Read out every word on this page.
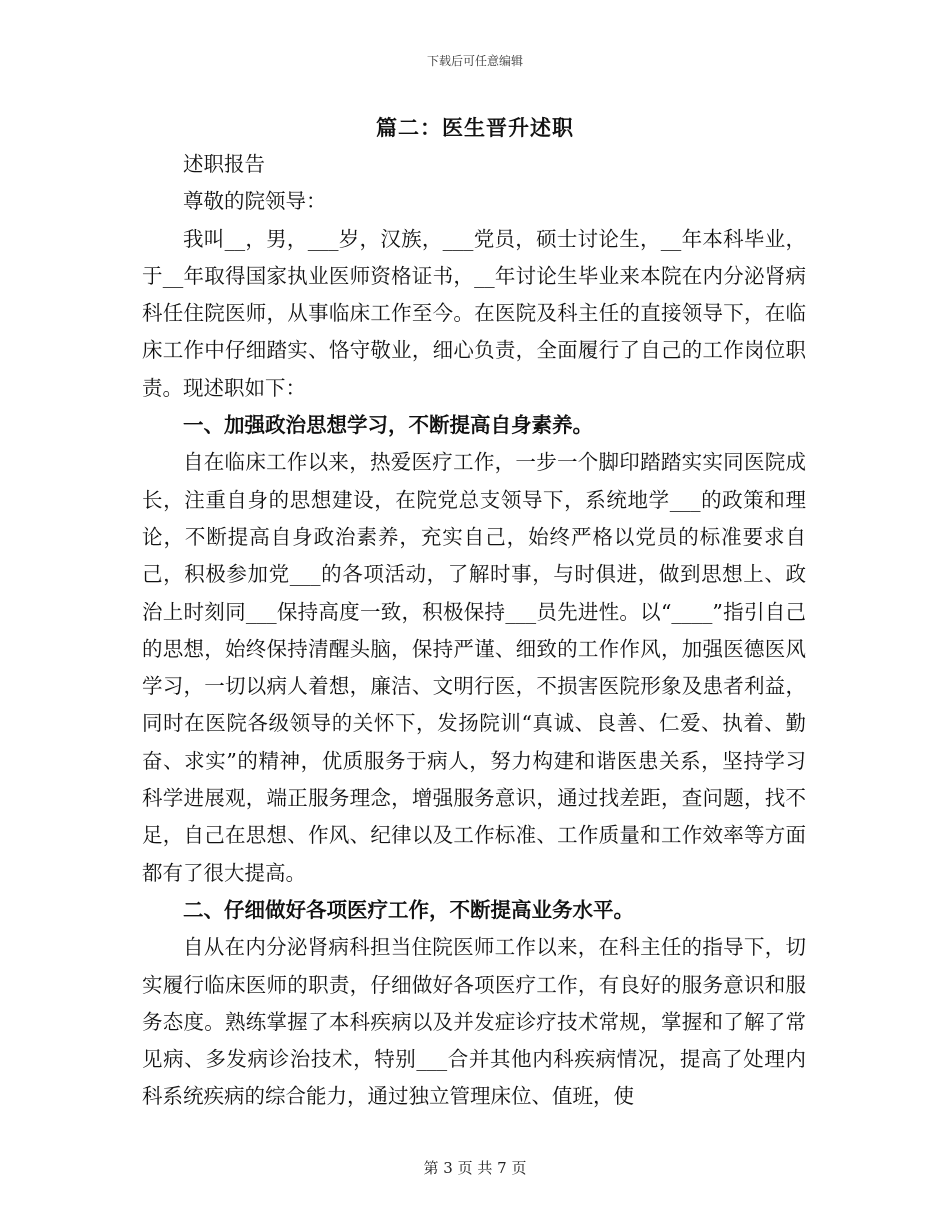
下载后可任意编辑
篇二：医生晋升述职

述职报告

尊敬的院领导：

我叫__，男，___岁，汉族，___党员，硕士讨论生，__年本科毕业，于__年取得国家执业医师资格证书，__年讨论生毕业来本院在内分泌肾病科任住院医师，从事临床工作至今。在医院及科主任的直接领导下，在临床工作中仔细踏实、恪守敬业，细心负责，全面履行了自己的工作岗位职责。现述职如下：

一、加强政治思想学习，不断提高自身素养。

自在临床工作以来，热爱医疗工作，一步一个脚印踏踏实实同医院成长，注重自身的思想建设，在院党总支领导下，系统地学___的政策和理论，不断提高自身政治素养，充实自己，始终严格以党员的标准要求自己，积极参加党___的各项活动，了解时事，与时俱进，做到思想上、政治上时刻同___保持高度一致，积极保持___员先进性。以“____”指引自己的思想，始终保持清醒头脑，保持严谨、细致的工作作风，加强医德医风学习，一切以病人着想，廉洁、文明行医，不损害医院形象及患者利益，同时在医院各级领导的关怀下，发扬院训“真诚、良善、仁爱、执着、勤奋、求实”的精神，优质服务于病人，努力构建和谐医患关系，坚持学习科学进展观，端正服务理念，增强服务意识，通过找差距，查问题，找不足，自己在思想、作风、纪律以及工作标准、工作质量和工作效率等方面都有了很大提高。

二、仔细做好各项医疗工作，不断提高业务水平。

自从在内分泌肾病科担当住院医师工作以来，在科主任的指导下，切实履行临床医师的职责，仔细做好各项医疗工作，有良好的服务意识和服务态度。熟练掌握了本科疾病以及并发症诊疗技术常规，掌握和了解了常见病、多发病诊治技术，特别___合并其他内科疾病情况，提高了处理内科系统疾病的综合能力，通过独立管理床位、值班，使

第 3 页 共 7 页
